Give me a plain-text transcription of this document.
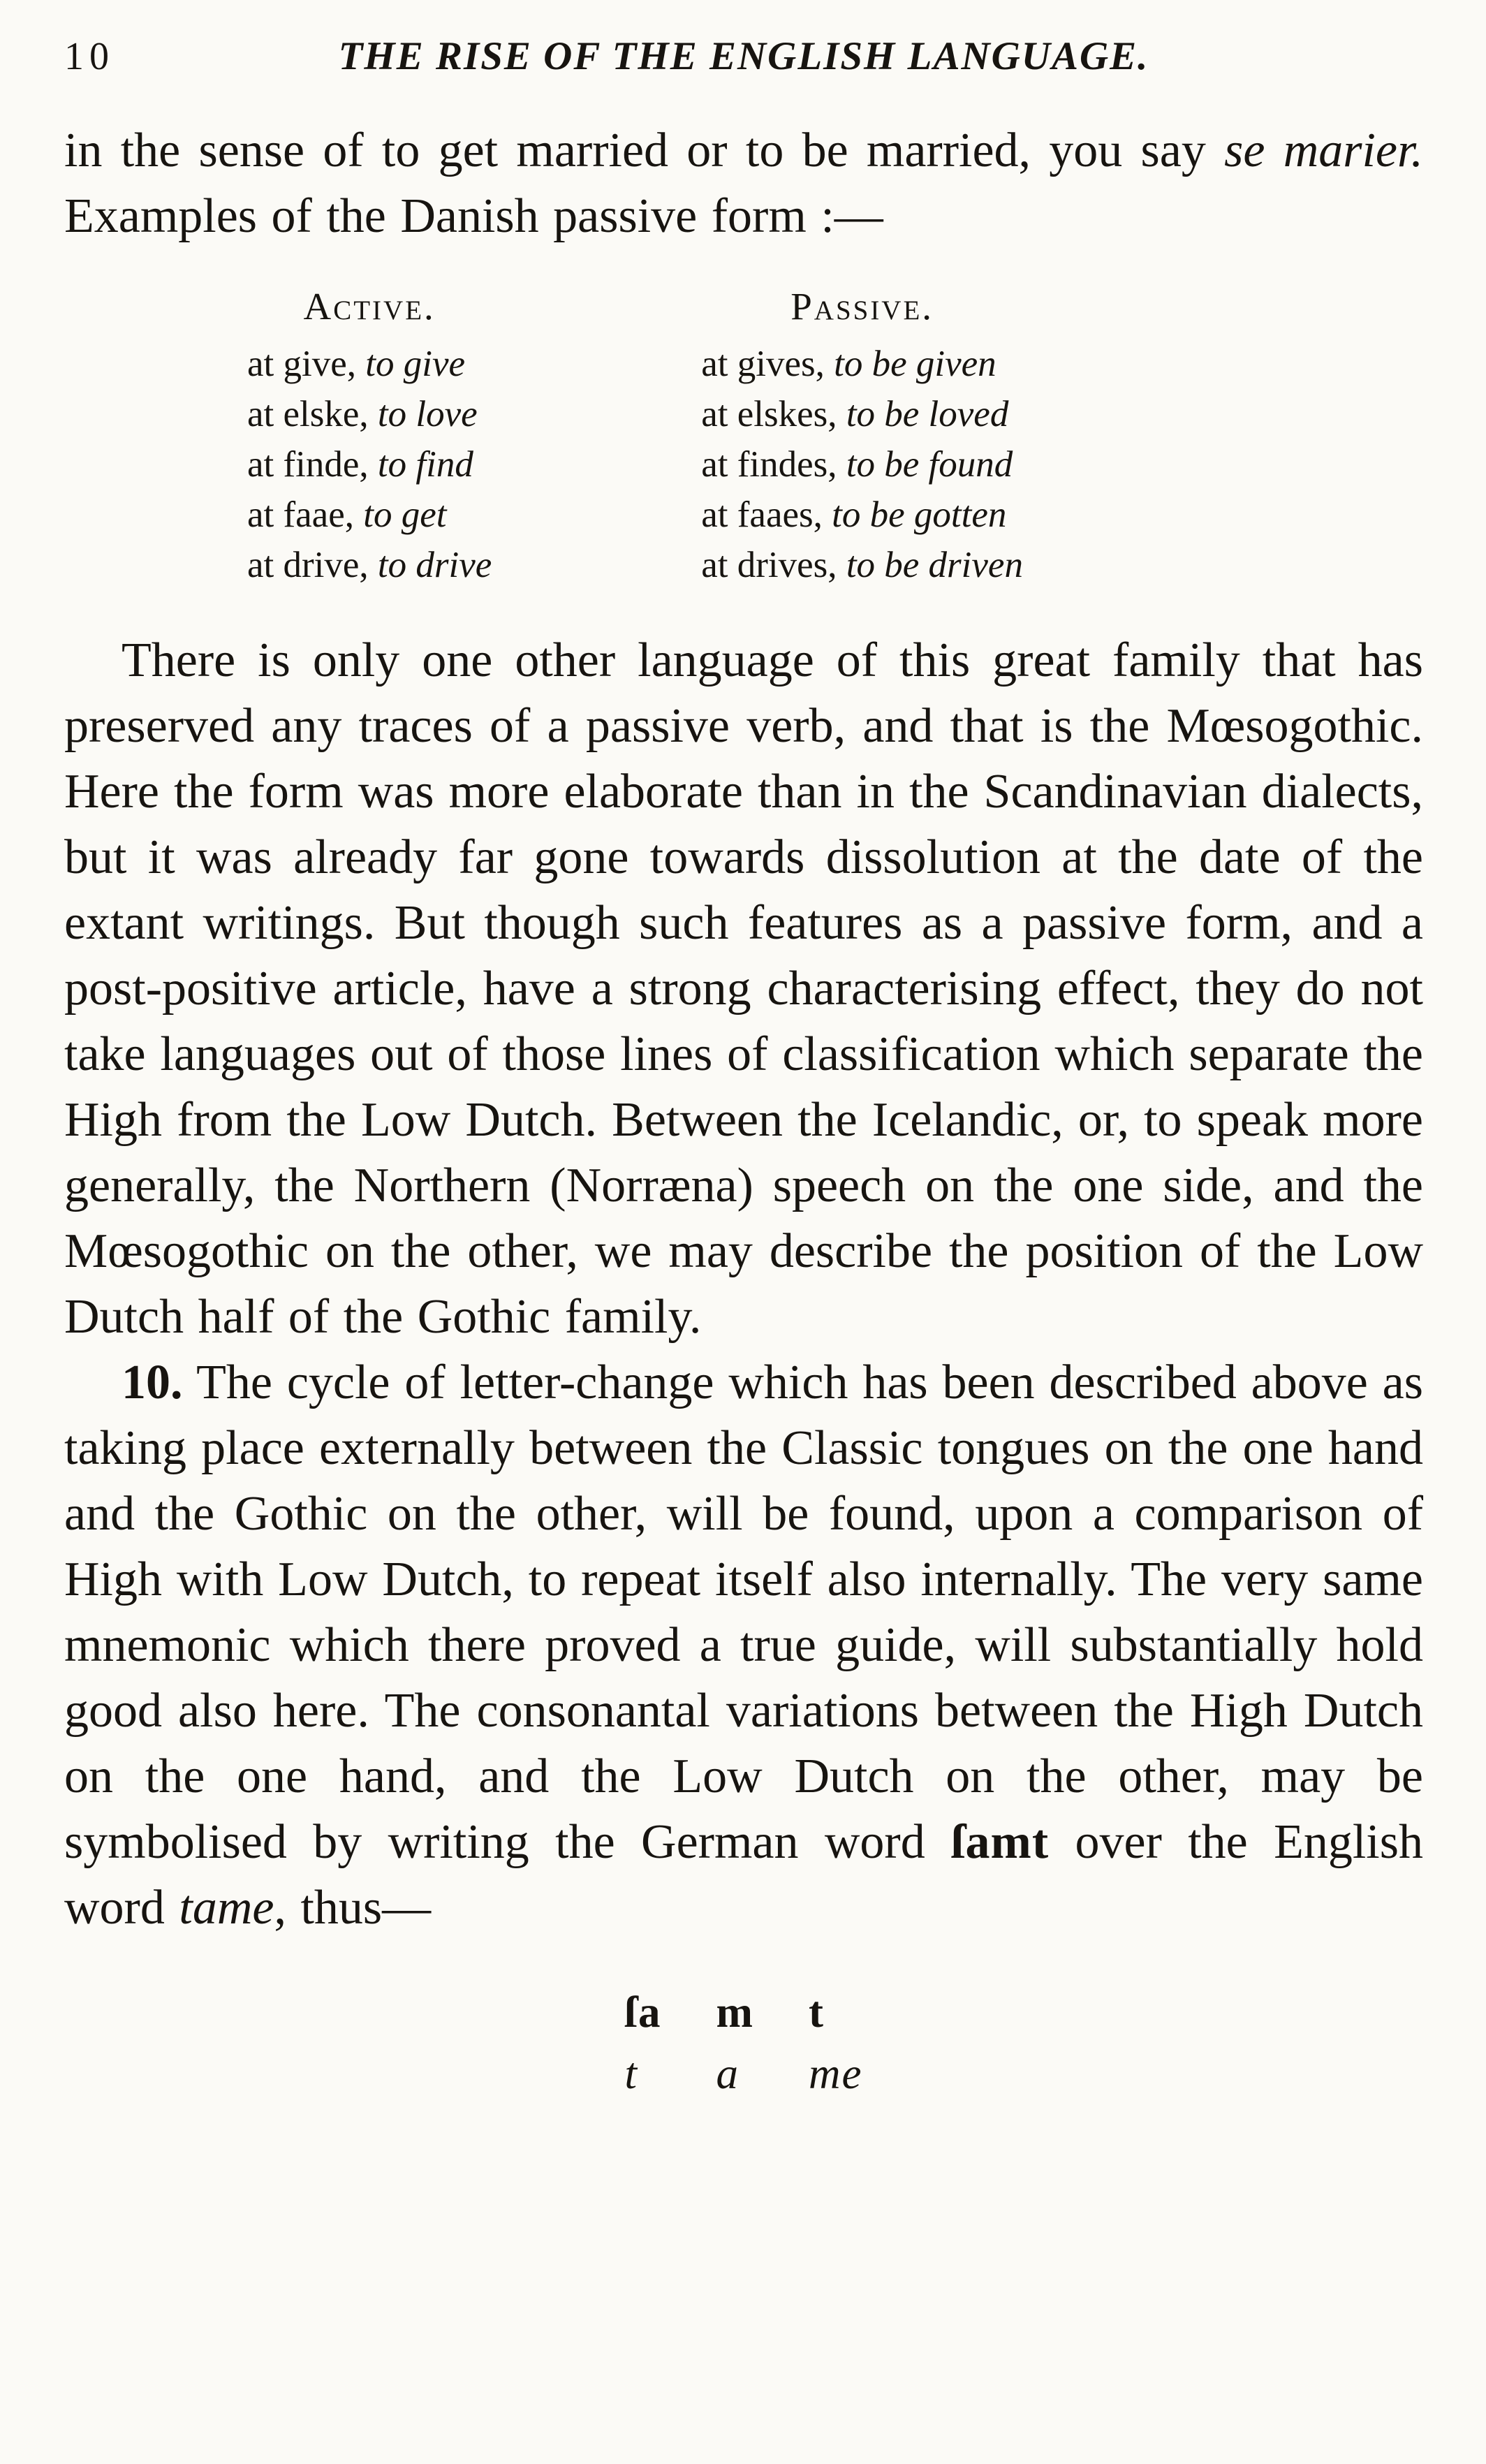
10	THE RISE OF THE ENGLISH LANGUAGE.

in the sense of to get married or to be married, you say se marier. Examples of the Danish passive form :—

Active.
at give, to give
at elske, to love
at finde, to find
at faae, to get
at drive, to drive
Passive.
at gives, to be given
at elskes, to be loved
at findes, to be found
at faaes, to be gotten
at drives, to be driven

There is only one other language of this great family that has preserved any traces of a passive verb, and that is the Mœsogothic. Here the form was more elaborate than in the Scandinavian dialects, but it was already far gone towards dissolution at the date of the extant writings. But though such features as a passive form, and a post-positive article, have a strong characterising effect, they do not take languages out of those lines of classification which separate the High from the Low Dutch. Between the Icelandic, or, to speak more generally, the Northern (Norræna) speech on the one side, and the Mœsogothic on the other, we may describe the position of the Low Dutch half of the Gothic family.

10. The cycle of letter-change which has been described above as taking place externally between the Classic tongues on the one hand and the Gothic on the other, will be found, upon a comparison of High with Low Dutch, to repeat itself also internally. The very same mnemonic which there proved a true guide, will substantially hold good also here. The consonantal variations between the High Dutch on the one hand, and the Low Dutch on the other, may be symbolised by writing the German word ſamt over the English word tame, thus—

ſa
t
m
a
t
me
